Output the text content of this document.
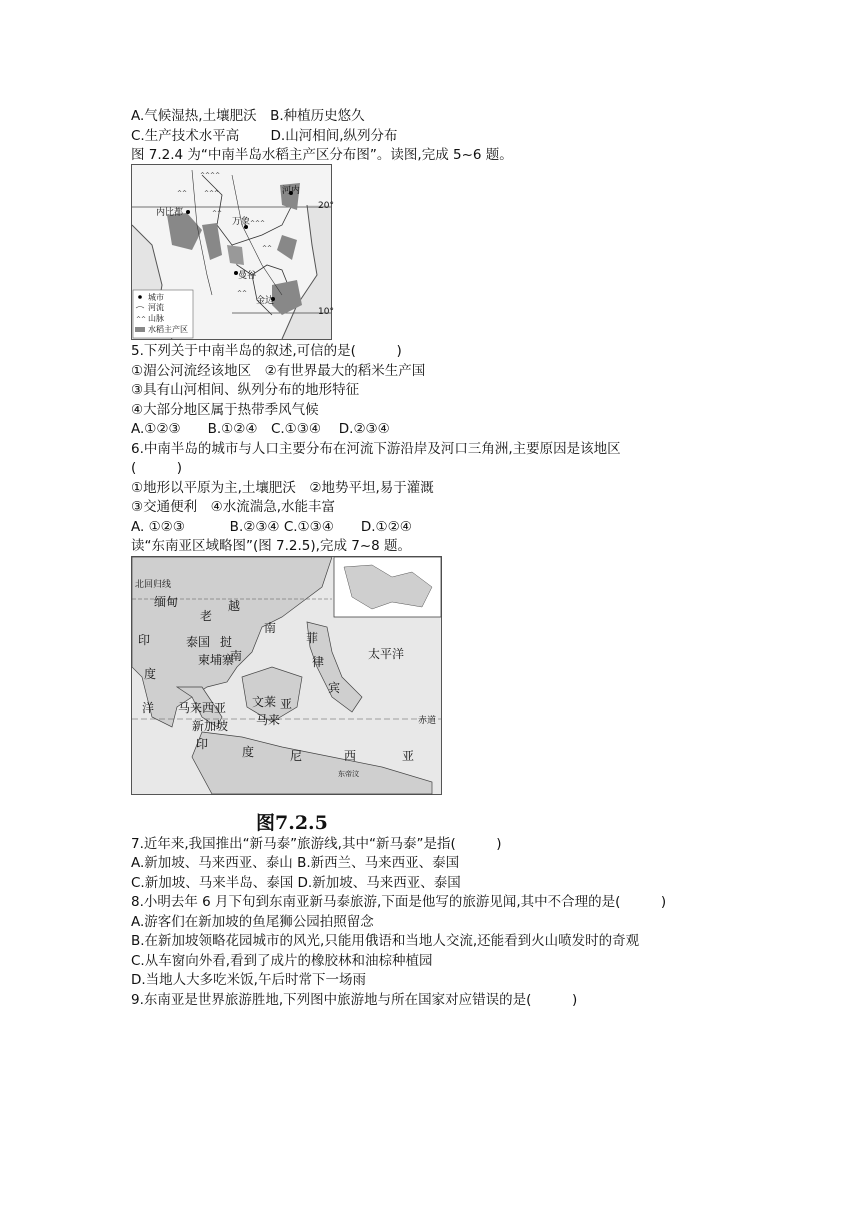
A.气候湿热,土壤肥沃　B.种植历史悠久
C.生产技术水平高　　 D.山河相间,纵列分布
图 7.2.4 为“中南半岛水稻主产区分布图”。读图,完成 5~6 题。
^^^^
^^^
^^
^^^
^^
^^
^^
^^
河内
内比都
万象
曼谷
金边
20°
10°
城市
河流
山脉
水稻主产区
5.下列关于中南半岛的叙述,可信的是(　　　)
①湄公河流经该地区　②有世界最大的稻米生产国
③具有山河相间、纵列分布的地形特征
④大部分地区属于热带季风气候
A.①②③　　B.①②④　C.①③④　 D.②③④
6.中南半岛的城市与人口主要分布在河流下游沿岸及河口三角洲,主要原因是该地区
(　　　)
①地形以平原为主,土壤肥沃　②地势平坦,易于灌溉
③交通便利　④水流湍急,水能丰富
A. ①②③　　　 B.②③④ C.①③④　　D.①②④
读“东南亚区域略图”(图 7.2.5),完成 7~8 题。
北回归线
缅甸
老
越
南
泰国
柬埔寨
挝
南
菲
律
宾
太平洋
印
度
洋 马来西亚 文莱 亚
新加坡 马来	赤道
印
度	尼	西	亚
东帝汶
图7.2.5
7.近年来,我国推出“新马泰”旅游线,其中“新马泰”是指(　　　)
A.新加坡、马来西亚、泰山 B.新西兰、马来西亚、泰国
C.新加坡、马来半岛、泰国 D.新加坡、马来西亚、泰国
8.小明去年 6 月下旬到东南亚新马泰旅游,下面是他写的旅游见闻,其中不合理的是(　　　)
A.游客们在新加坡的鱼尾狮公园拍照留念
B.在新加坡领略花园城市的风光,只能用俄语和当地人交流,还能看到火山喷发时的奇观
C.从车窗向外看,看到了成片的橡胶林和油棕种植园
D.当地人大多吃米饭,午后时常下一场雨
9.东南亚是世界旅游胜地,下列图中旅游地与所在国家对应错误的是(　　　)
